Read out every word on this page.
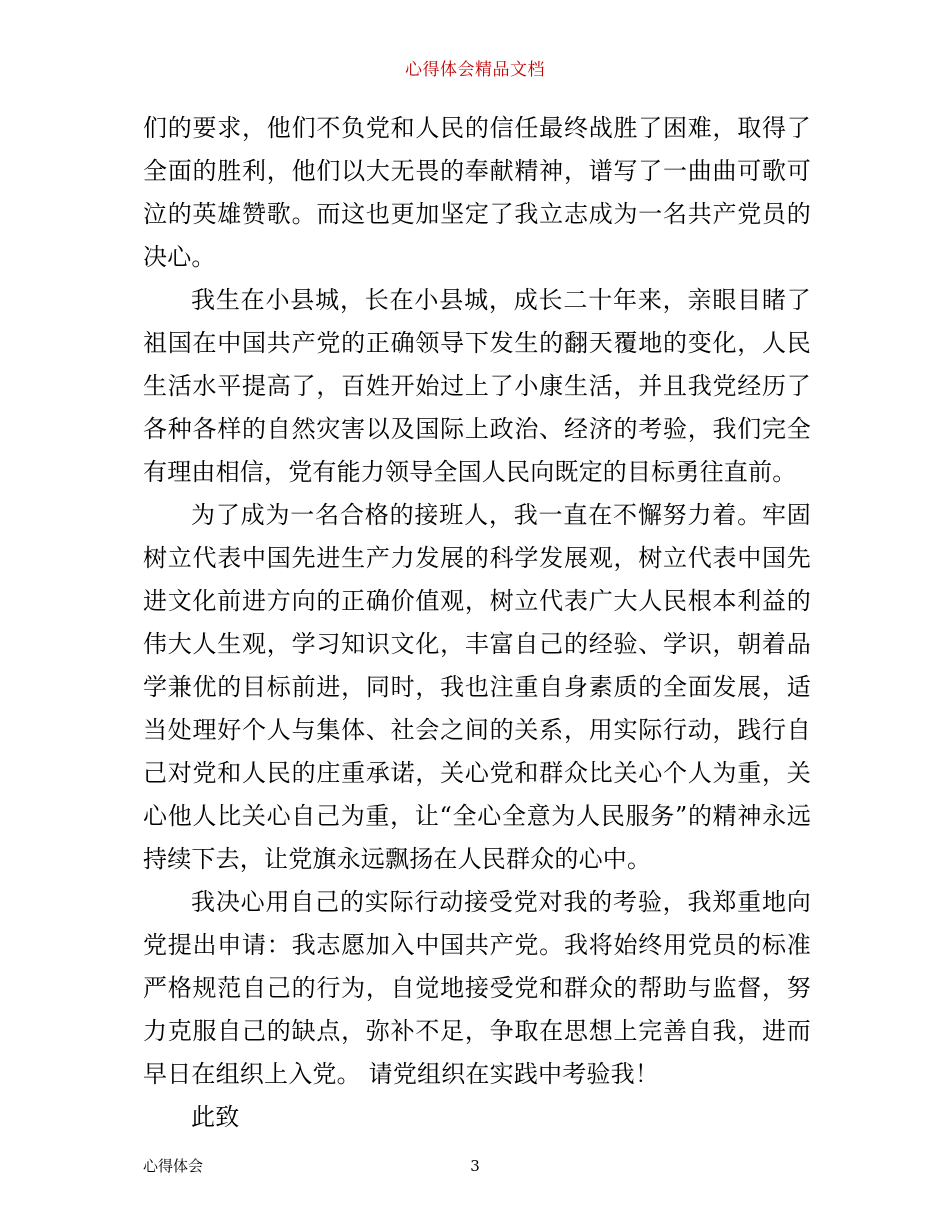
心得体会精品文档

们的要求，他们不负党和人民的信任最终战胜了困难，取得了全面的胜利，他们以大无畏的奉献精神，谱写了一曲曲可歌可泣的英雄赞歌。而这也更加坚定了我立志成为一名共产党员的决心。

我生在小县城，长在小县城，成长二十年来，亲眼目睹了祖国在中国共产党的正确领导下发生的翻天覆地的变化，人民生活水平提高了，百姓开始过上了小康生活，并且我党经历了各种各样的自然灾害以及国际上政治、经济的考验，我们完全有理由相信，党有能力领导全国人民向既定的目标勇往直前。

为了成为一名合格的接班人，我一直在不懈努力着。牢固树立代表中国先进生产力发展的科学发展观，树立代表中国先进文化前进方向的正确价值观，树立代表广大人民根本利益的伟大人生观，学习知识文化，丰富自己的经验、学识，朝着品学兼优的目标前进，同时，我也注重自身素质的全面发展，适当处理好个人与集体、社会之间的关系，用实际行动，践行自己对党和人民的庄重承诺，关心党和群众比关心个人为重，关心他人比关心自己为重，让“全心全意为人民服务”的精神永远持续下去，让党旗永远飘扬在人民群众的心中。

我决心用自己的实际行动接受党对我的考验，我郑重地向党提出申请：我志愿加入中国共产党。我将始终用党员的标准严格规范自己的行为，自觉地接受党和群众的帮助与监督，努力克服自己的缺点，弥补不足，争取在思想上完善自我，进而早日在组织上入党。 请党组织在实践中考验我！

此致

心得体会	3
